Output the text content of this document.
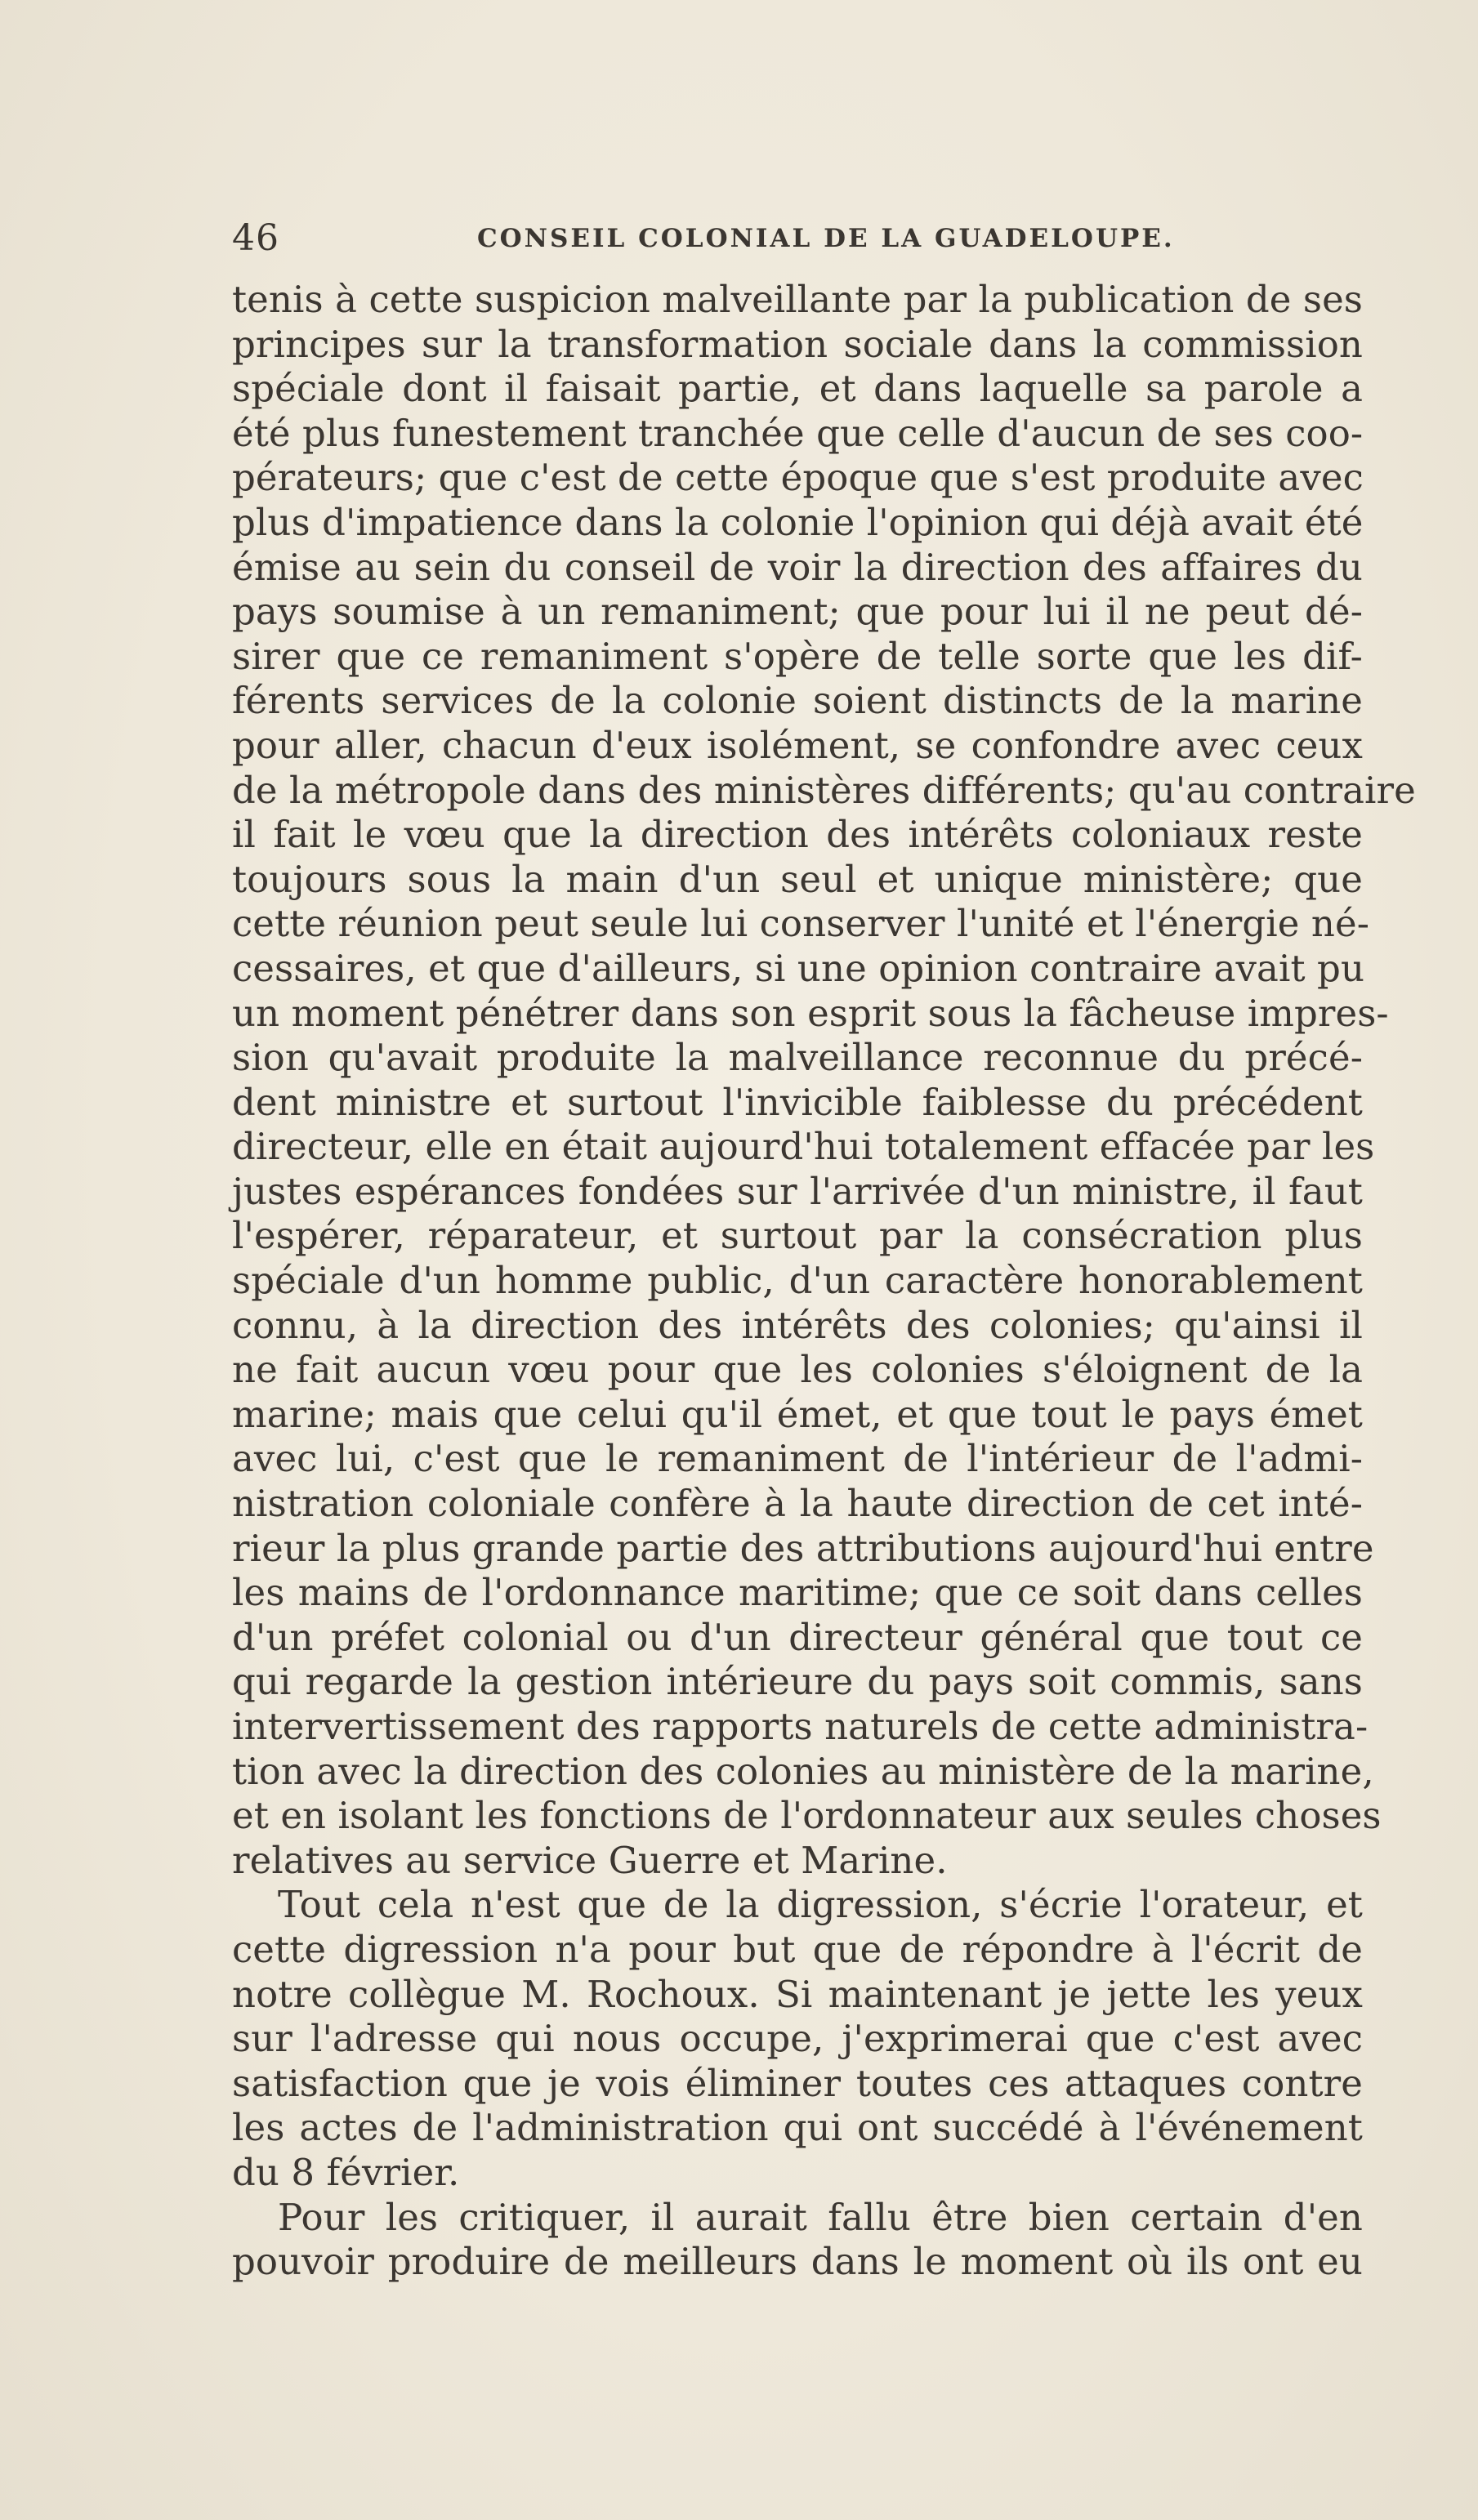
46	CONSEIL COLONIAL DE LA GUADELOUPE.
tenis à cette suspicion malveillante par la publication de ses
principes sur la transformation sociale dans la commission
spéciale dont il faisait partie, et dans laquelle sa parole a
été plus funestement tranchée que celle d'aucun de ses coo-
pérateurs; que c'est de cette époque que s'est produite avec
plus d'impatience dans la colonie l'opinion qui déjà avait été
émise au sein du conseil de voir la direction des affaires du
pays soumise à un remaniment; que pour lui il ne peut dé-
sirer que ce remaniment s'opère de telle sorte que les dif-
férents services de la colonie soient distincts de la marine
pour aller, chacun d'eux isolément, se confondre avec ceux
de la métropole dans des ministères différents; qu'au contraire
il fait le vœu que la direction des intérêts coloniaux reste
toujours sous la main d'un seul et unique ministère; que
cette réunion peut seule lui conserver l'unité et l'énergie né-
cessaires, et que d'ailleurs, si une opinion contraire avait pu
un moment pénétrer dans son esprit sous la fâcheuse impres-
sion qu'avait produite la malveillance reconnue du précé-
dent ministre et surtout l'invicible faiblesse du précédent
directeur, elle en était aujourd'hui totalement effacée par les
justes espérances fondées sur l'arrivée d'un ministre, il faut
l'espérer, réparateur, et surtout par la consécration plus
spéciale d'un homme public, d'un caractère honorablement
connu, à la direction des intérêts des colonies; qu'ainsi il
ne fait aucun vœu pour que les colonies s'éloignent de la
marine; mais que celui qu'il émet, et que tout le pays émet
avec lui, c'est que le remaniment de l'intérieur de l'admi-
nistration coloniale confère à la haute direction de cet inté-
rieur la plus grande partie des attributions aujourd'hui entre
les mains de l'ordonnance maritime; que ce soit dans celles
d'un préfet colonial ou d'un directeur général que tout ce
qui regarde la gestion intérieure du pays soit commis, sans
intervertissement des rapports naturels de cette administra-
tion avec la direction des colonies au ministère de la marine,
et en isolant les fonctions de l'ordonnateur aux seules choses
relatives au service Guerre et Marine.
Tout cela n'est que de la digression, s'écrie l'orateur, et
cette digression n'a pour but que de répondre à l'écrit de
notre collègue M. Rochoux. Si maintenant je jette les yeux
sur l'adresse qui nous occupe, j'exprimerai que c'est avec
satisfaction que je vois éliminer toutes ces attaques contre
les actes de l'administration qui ont succédé à l'événement
du 8 février.
Pour les critiquer, il aurait fallu être bien certain d'en
pouvoir produire de meilleurs dans le moment où ils ont eu
